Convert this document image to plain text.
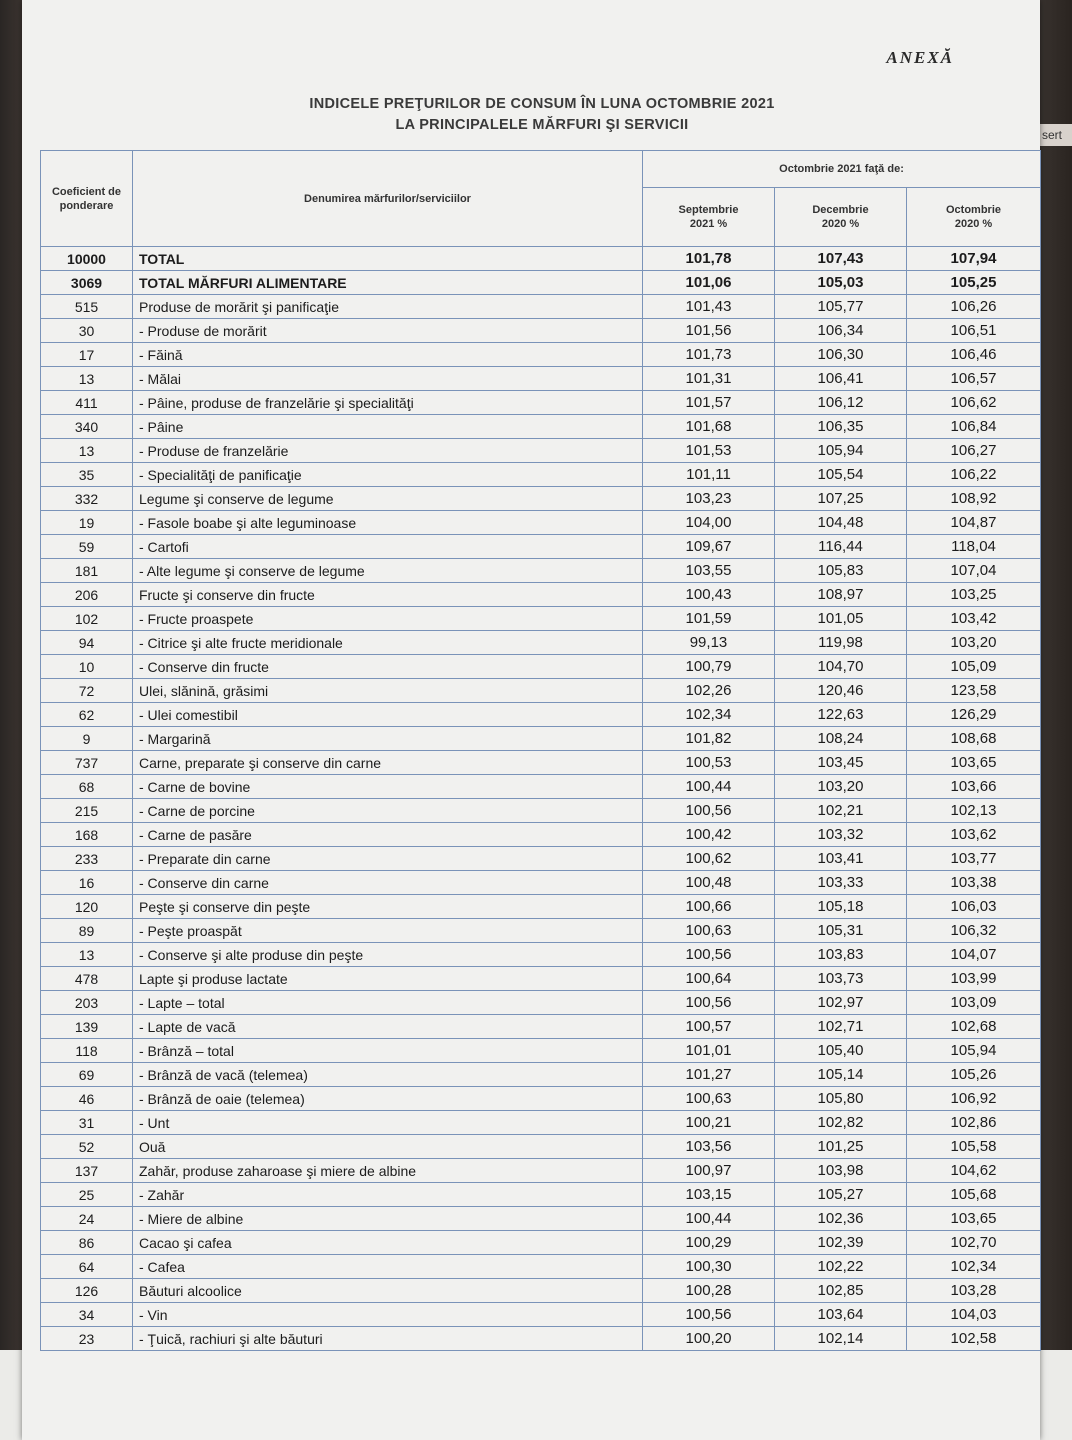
sert
ANEXĂ
INDICELE PREŢURILOR DE CONSUM ÎN LUNA OCTOMBRIE 2021
LA PRINCIPALELE MĂRFURI ŞI SERVICII
Coeficient de ponderare	Denumirea mărfurilor/serviciilor	Octombrie 2021 faţă de:		

		Septembrie 2021 %	Decembrie 2020 %	Octombrie 2020 %

10000	TOTAL	101,78	107,43	107,94
3069	TOTAL MĂRFURI ALIMENTARE	101,06	105,03	105,25
515	Produse de morărit şi panificaţie	101,43	105,77	106,26
30	- Produse de morărit	101,56	106,34	106,51
17	- Făină	101,73	106,30	106,46
13	- Mălai	101,31	106,41	106,57
411	- Pâine, produse de franzelărie şi specialităţi	101,57	106,12	106,62
340	- Pâine	101,68	106,35	106,84
13	- Produse de franzelărie	101,53	105,94	106,27
35	- Specialităţi de panificaţie	101,11	105,54	106,22
332	Legume şi conserve de legume	103,23	107,25	108,92
19	- Fasole boabe şi alte leguminoase	104,00	104,48	104,87
59	- Cartofi	109,67	116,44	118,04
181	- Alte legume şi conserve de legume	103,55	105,83	107,04
206	Fructe şi conserve din fructe	100,43	108,97	103,25
102	- Fructe proaspete	101,59	101,05	103,42
94	- Citrice şi alte fructe meridionale	99,13	119,98	103,20
10	- Conserve din fructe	100,79	104,70	105,09
72	Ulei, slănină, grăsimi	102,26	120,46	123,58
62	- Ulei comestibil	102,34	122,63	126,29
9	- Margarină	101,82	108,24	108,68
737	Carne, preparate şi conserve din carne	100,53	103,45	103,65
68	- Carne de bovine	100,44	103,20	103,66
215	- Carne de porcine	100,56	102,21	102,13
168	- Carne de pasăre	100,42	103,32	103,62
233	- Preparate din carne	100,62	103,41	103,77
16	- Conserve din carne	100,48	103,33	103,38
120	Peşte şi conserve din peşte	100,66	105,18	106,03
89	- Peşte proaspăt	100,63	105,31	106,32
13	- Conserve şi alte produse din peşte	100,56	103,83	104,07
478	Lapte şi produse lactate	100,64	103,73	103,99
203	- Lapte – total	100,56	102,97	103,09
139	- Lapte de vacă	100,57	102,71	102,68
118	- Brânză – total	101,01	105,40	105,94
69	- Brânză de vacă (telemea)	101,27	105,14	105,26
46	- Brânză de oaie (telemea)	100,63	105,80	106,92
31	- Unt	100,21	102,82	102,86
52	Ouă	103,56	101,25	105,58
137	Zahăr, produse zaharoase şi miere de albine	100,97	103,98	104,62
25	- Zahăr	103,15	105,27	105,68
24	- Miere de albine	100,44	102,36	103,65
86	Cacao şi cafea	100,29	102,39	102,70
64	- Cafea	100,30	102,22	102,34
126	Băuturi alcoolice	100,28	102,85	103,28
34	- Vin	100,56	103,64	104,03
23	- Ţuică, rachiuri şi alte băuturi	100,20	102,14	102,58
